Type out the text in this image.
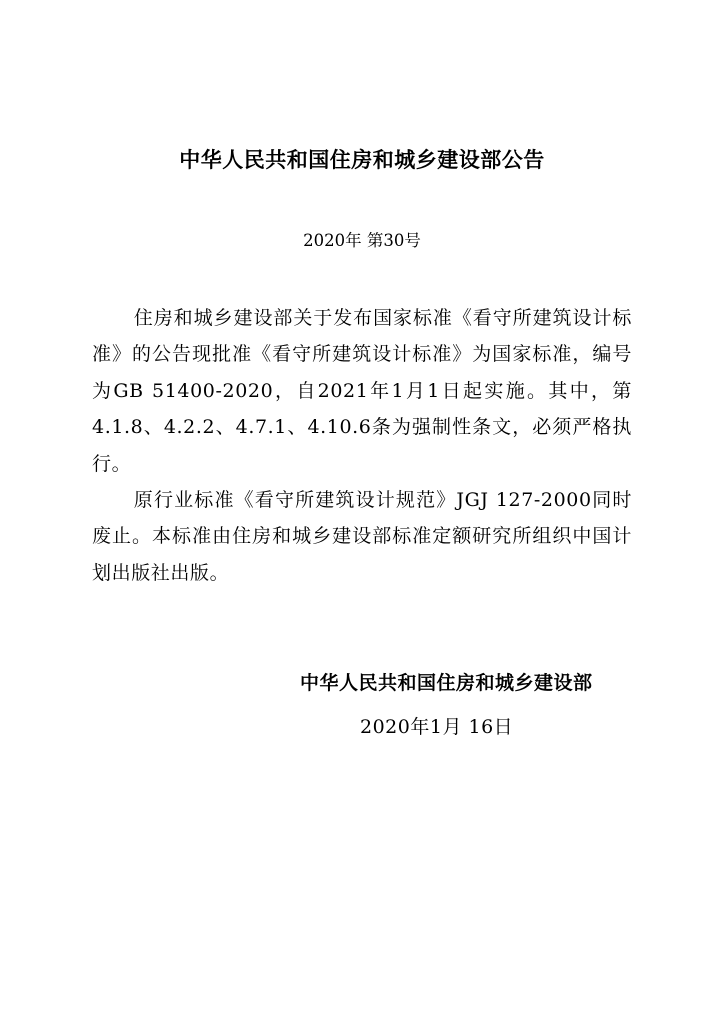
中华人民共和国住房和城乡建设部公告
2020年 第30号

住房和城乡建设部关于发布国家标准《看守所建筑设计标准》的公告现批准《看守所建筑设计标准》为国家标准，编号为GB 51400-2020，自2021年1月1日起实施。其中，第4.1.8、4.2.2、4.7.1、4.10.6条为强制性条文，必须严格执行。

原行业标准《看守所建筑设计规范》JGJ 127-2000同时废止。本标准由住房和城乡建设部标准定额研究所组织中国计划出版社出版。

中华人民共和国住房和城乡建设部
2020年1月 16日
